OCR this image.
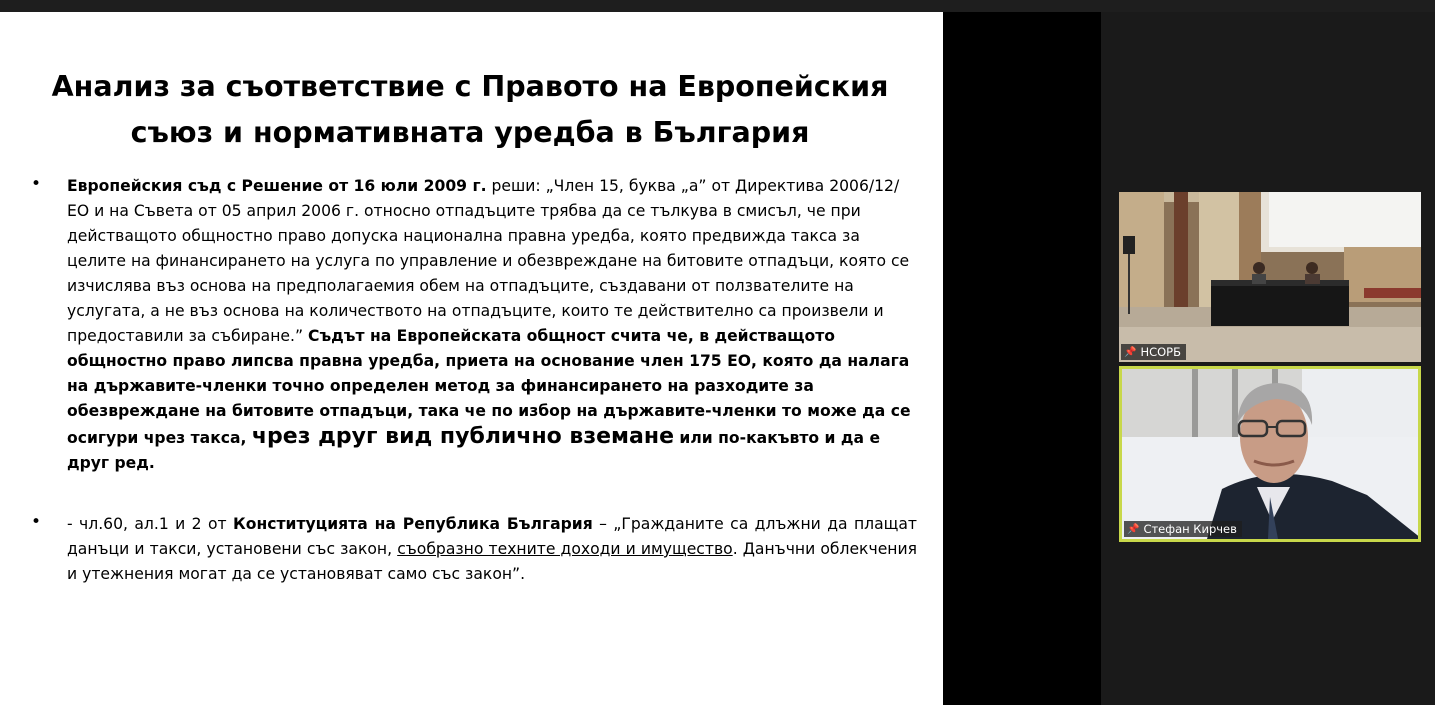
Анализ за съответствие с Правото на Европейския съюз и нормативната уредба в България
• Европейския съд с Решение от 16 юли 2009 г. реши: „Член 15, буква „а” от Директива 2006/12/ЕО и на Съвета от 05 април 2006 г. относно отпадъците трябва да се тълкува в смисъл, че при действащото общностно право допуска национална правна уредба, която предвижда такса за целите на финансирането на услуга по управление и обезвреждане на битовите отпадъци, която се изчислява въз основа на предполагаемия обем на отпадъците, създавани от ползвателите на услугата, а не въз основа на количеството на отпадъците, които те действително са произвели и предоставили за събиране.” Съдът на Европейската общност счита че, в действащото общностно право липсва правна уредба, приета на основание член 175 ЕО, която да налага на държавите-членки точно определен метод за финансирането на разходите за обезвреждане на битовите отпадъци, така че по избор на държавите-членки то може да се осигури чрез такса, чрез друг вид публично вземане или по-какъвто и да е друг ред.
• - чл.60, ал.1 и 2 от Конституцията на Република България – „Гражданите са длъжни да плащат данъци и такси, установени със закон, съобразно техните доходи и имущество. Данъчни облекчения и утежнения могат да се установяват само със закон”.
📌 НСОРБ
📌 Стефан Кирчев
